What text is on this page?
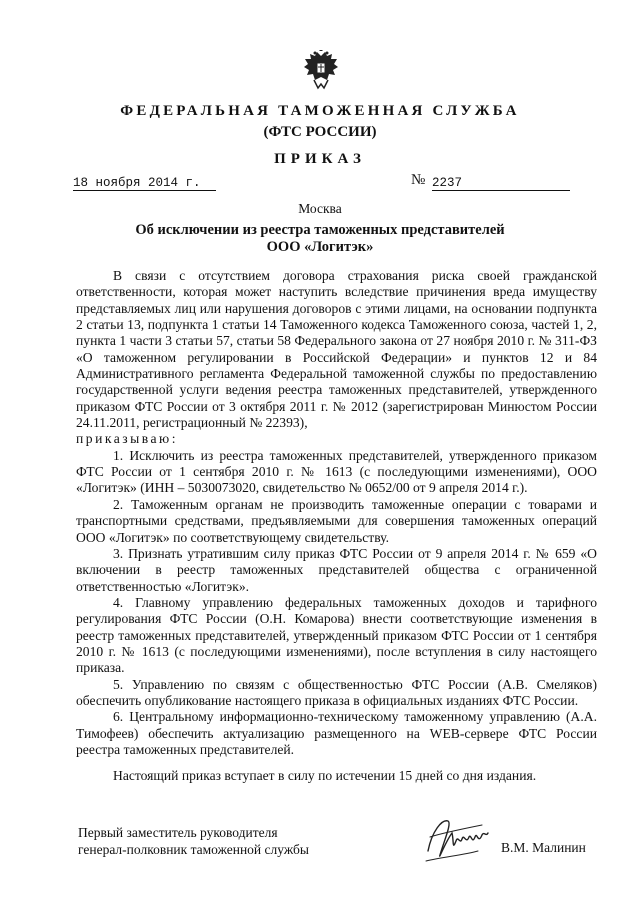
ФЕДЕРАЛЬНАЯ ТАМОЖЕННАЯ СЛУЖБА
(ФТС РОССИИ)
ПРИКАЗ
18 ноября 2014 г.	№ 2237
Москва
Об исключении из реестра таможенных представителей
ООО «Логитэк»

В связи с отсутствием договора страхования риска своей гражданской ответственности, которая может наступить вследствие причинения вреда имуществу представляемых лиц или нарушения договоров с этими лицами, на основании подпункта 2 статьи 13, подпункта 1 статьи 14 Таможенного кодекса Таможенного союза, частей 1, 2, пункта 1 части 3 статьи 57, статьи 58 Федерального закона от 27 ноября 2010 г. № 311-ФЗ «О таможенном регулировании в Российской Федерации» и пунктов 12 и 84 Административного регламента Федеральной таможенной службы по предоставлению государственной услуги ведения реестра таможенных представителей, утвержденного приказом ФТС России от 3 октября 2011 г. № 2012 (зарегистрирован Минюстом России 24.11.2011, регистрационный № 22393),

приказываю:

1. Исключить из реестра таможенных представителей, утвержденного приказом ФТС России от 1 сентября 2010 г. № 1613 (с последующими изменениями), ООО «Логитэк» (ИНН – 5030073020, свидетельство № 0652/00 от 9 апреля 2014 г.).

2. Таможенным органам не производить таможенные операции с товарами и транспортными средствами, предъявляемыми для совершения таможенных операций ООО «Логитэк» по соответствующему свидетельству.

3. Признать утратившим силу приказ ФТС России от 9 апреля 2014 г. № 659 «О включении в реестр таможенных представителей общества с ограниченной ответственностью «Логитэк».

4. Главному управлению федеральных таможенных доходов и тарифного регулирования ФТС России (О.Н. Комарова) внести соответствующие изменения в реестр таможенных представителей, утвержденный приказом ФТС России от 1 сентября 2010 г. № 1613 (с последующими изменениями), после вступления в силу настоящего приказа.

5. Управлению по связям с общественностью ФТС России (А.В. Смеляков) обеспечить опубликование настоящего приказа в официальных изданиях ФТС России.

6. Центральному информационно-техническому таможенному управлению (А.А. Тимофеев) обеспечить актуализацию размещенного на WEB-сервере ФТС России реестра таможенных представителей.

Настоящий приказ вступает в силу по истечении 15 дней со дня издания.

Первый заместитель руководителя
генерал-полковник таможенной службы	В.М. Малинин
